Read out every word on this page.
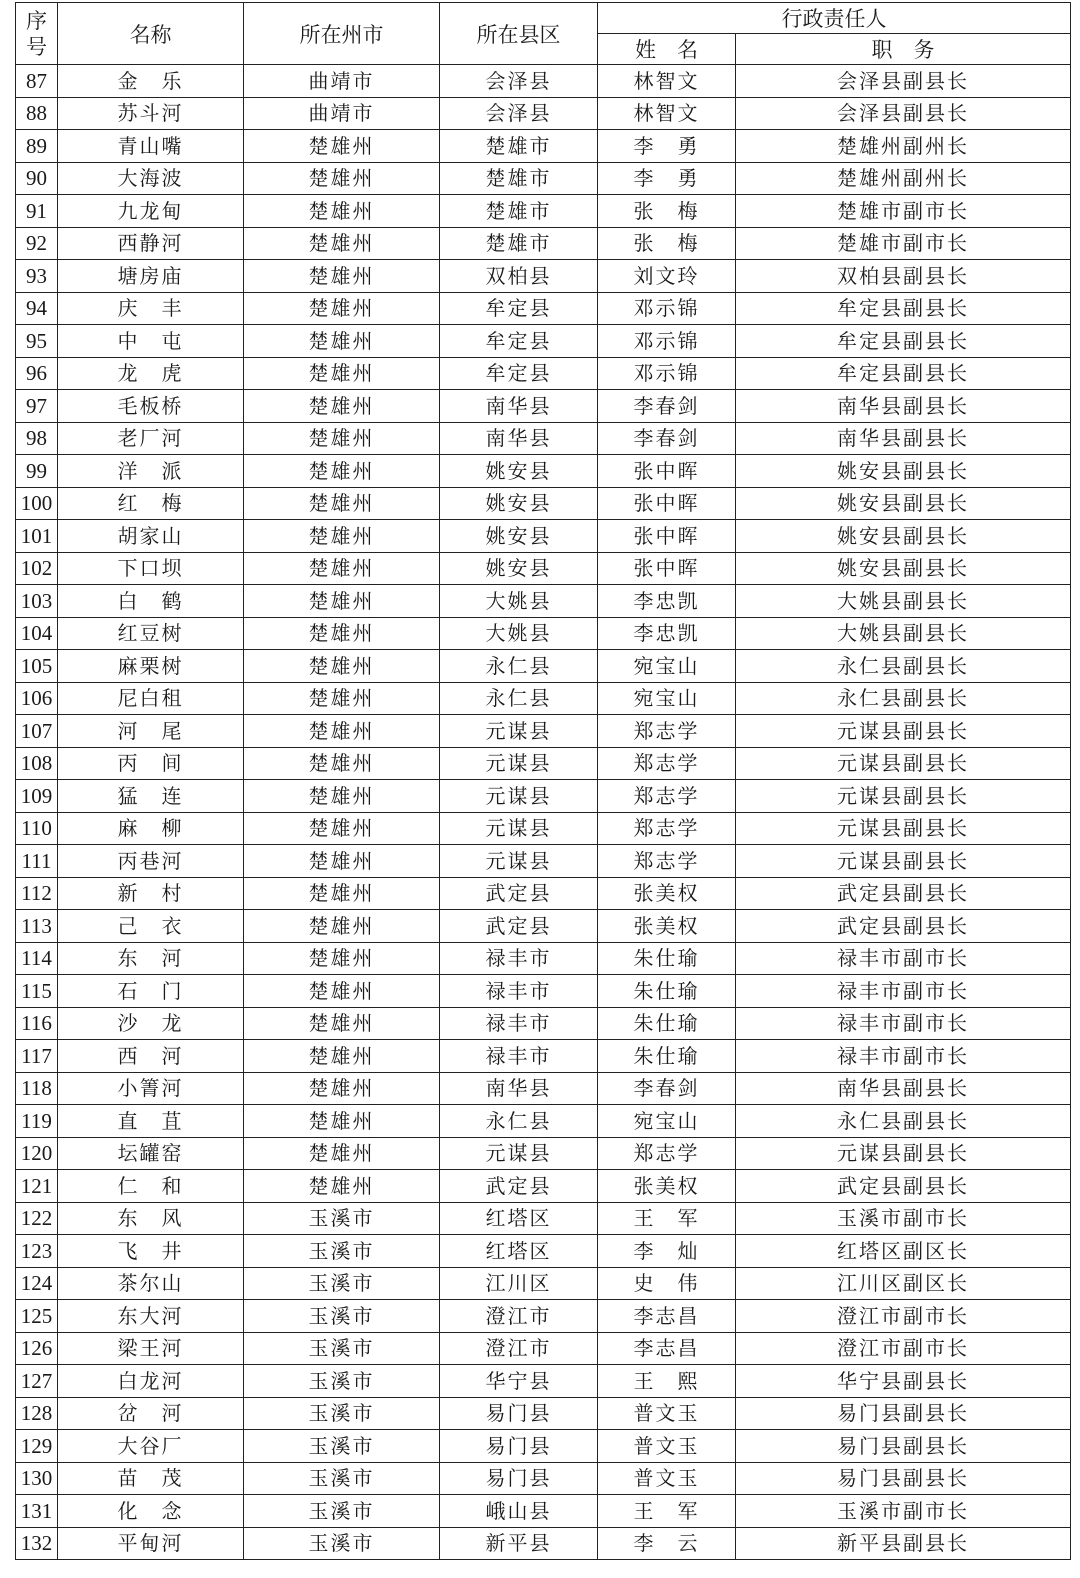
序
号	名称	所在州市	所在县区	行政责任人	
				姓　名	职　务
87	金　乐	曲靖市	会泽县	林智文	会泽县副县长
88	苏斗河	曲靖市	会泽县	林智文	会泽县副县长
89	青山嘴	楚雄州	楚雄市	李　勇	楚雄州副州长
90	大海波	楚雄州	楚雄市	李　勇	楚雄州副州长
91	九龙甸	楚雄州	楚雄市	张　梅	楚雄市副市长
92	西静河	楚雄州	楚雄市	张　梅	楚雄市副市长
93	塘房庙	楚雄州	双柏县	刘文玲	双柏县副县长
94	庆　丰	楚雄州	牟定县	邓示锦	牟定县副县长
95	中　屯	楚雄州	牟定县	邓示锦	牟定县副县长
96	龙　虎	楚雄州	牟定县	邓示锦	牟定县副县长
97	毛板桥	楚雄州	南华县	李春剑	南华县副县长
98	老厂河	楚雄州	南华县	李春剑	南华县副县长
99	洋　派	楚雄州	姚安县	张中晖	姚安县副县长
100	红　梅	楚雄州	姚安县	张中晖	姚安县副县长
101	胡家山	楚雄州	姚安县	张中晖	姚安县副县长
102	下口坝	楚雄州	姚安县	张中晖	姚安县副县长
103	白　鹤	楚雄州	大姚县	李忠凯	大姚县副县长
104	红豆树	楚雄州	大姚县	李忠凯	大姚县副县长
105	麻栗树	楚雄州	永仁县	宛宝山	永仁县副县长
106	尼白租	楚雄州	永仁县	宛宝山	永仁县副县长
107	河　尾	楚雄州	元谋县	郑志学	元谋县副县长
108	丙　间	楚雄州	元谋县	郑志学	元谋县副县长
109	猛　连	楚雄州	元谋县	郑志学	元谋县副县长
110	麻　柳	楚雄州	元谋县	郑志学	元谋县副县长
111	丙巷河	楚雄州	元谋县	郑志学	元谋县副县长
112	新　村	楚雄州	武定县	张美权	武定县副县长
113	己　衣	楚雄州	武定县	张美权	武定县副县长
114	东　河	楚雄州	禄丰市	朱仕瑜	禄丰市副市长
115	石　门	楚雄州	禄丰市	朱仕瑜	禄丰市副市长
116	沙　龙	楚雄州	禄丰市	朱仕瑜	禄丰市副市长
117	西　河	楚雄州	禄丰市	朱仕瑜	禄丰市副市长
118	小箐河	楚雄州	南华县	李春剑	南华县副县长
119	直　苴	楚雄州	永仁县	宛宝山	永仁县副县长
120	坛罐窑	楚雄州	元谋县	郑志学	元谋县副县长
121	仁　和	楚雄州	武定县	张美权	武定县副县长
122	东　风	玉溪市	红塔区	王　军	玉溪市副市长
123	飞　井	玉溪市	红塔区	李　灿	红塔区副区长
124	茶尔山	玉溪市	江川区	史　伟	江川区副区长
125	东大河	玉溪市	澄江市	李志昌	澄江市副市长
126	梁王河	玉溪市	澄江市	李志昌	澄江市副市长
127	白龙河	玉溪市	华宁县	王　熙	华宁县副县长
128	岔　河	玉溪市	易门县	普文玉	易门县副县长
129	大谷厂	玉溪市	易门县	普文玉	易门县副县长
130	苗　茂	玉溪市	易门县	普文玉	易门县副县长
131	化　念	玉溪市	峨山县	王　军	玉溪市副市长
132	平甸河	玉溪市	新平县	李　云	新平县副县长
